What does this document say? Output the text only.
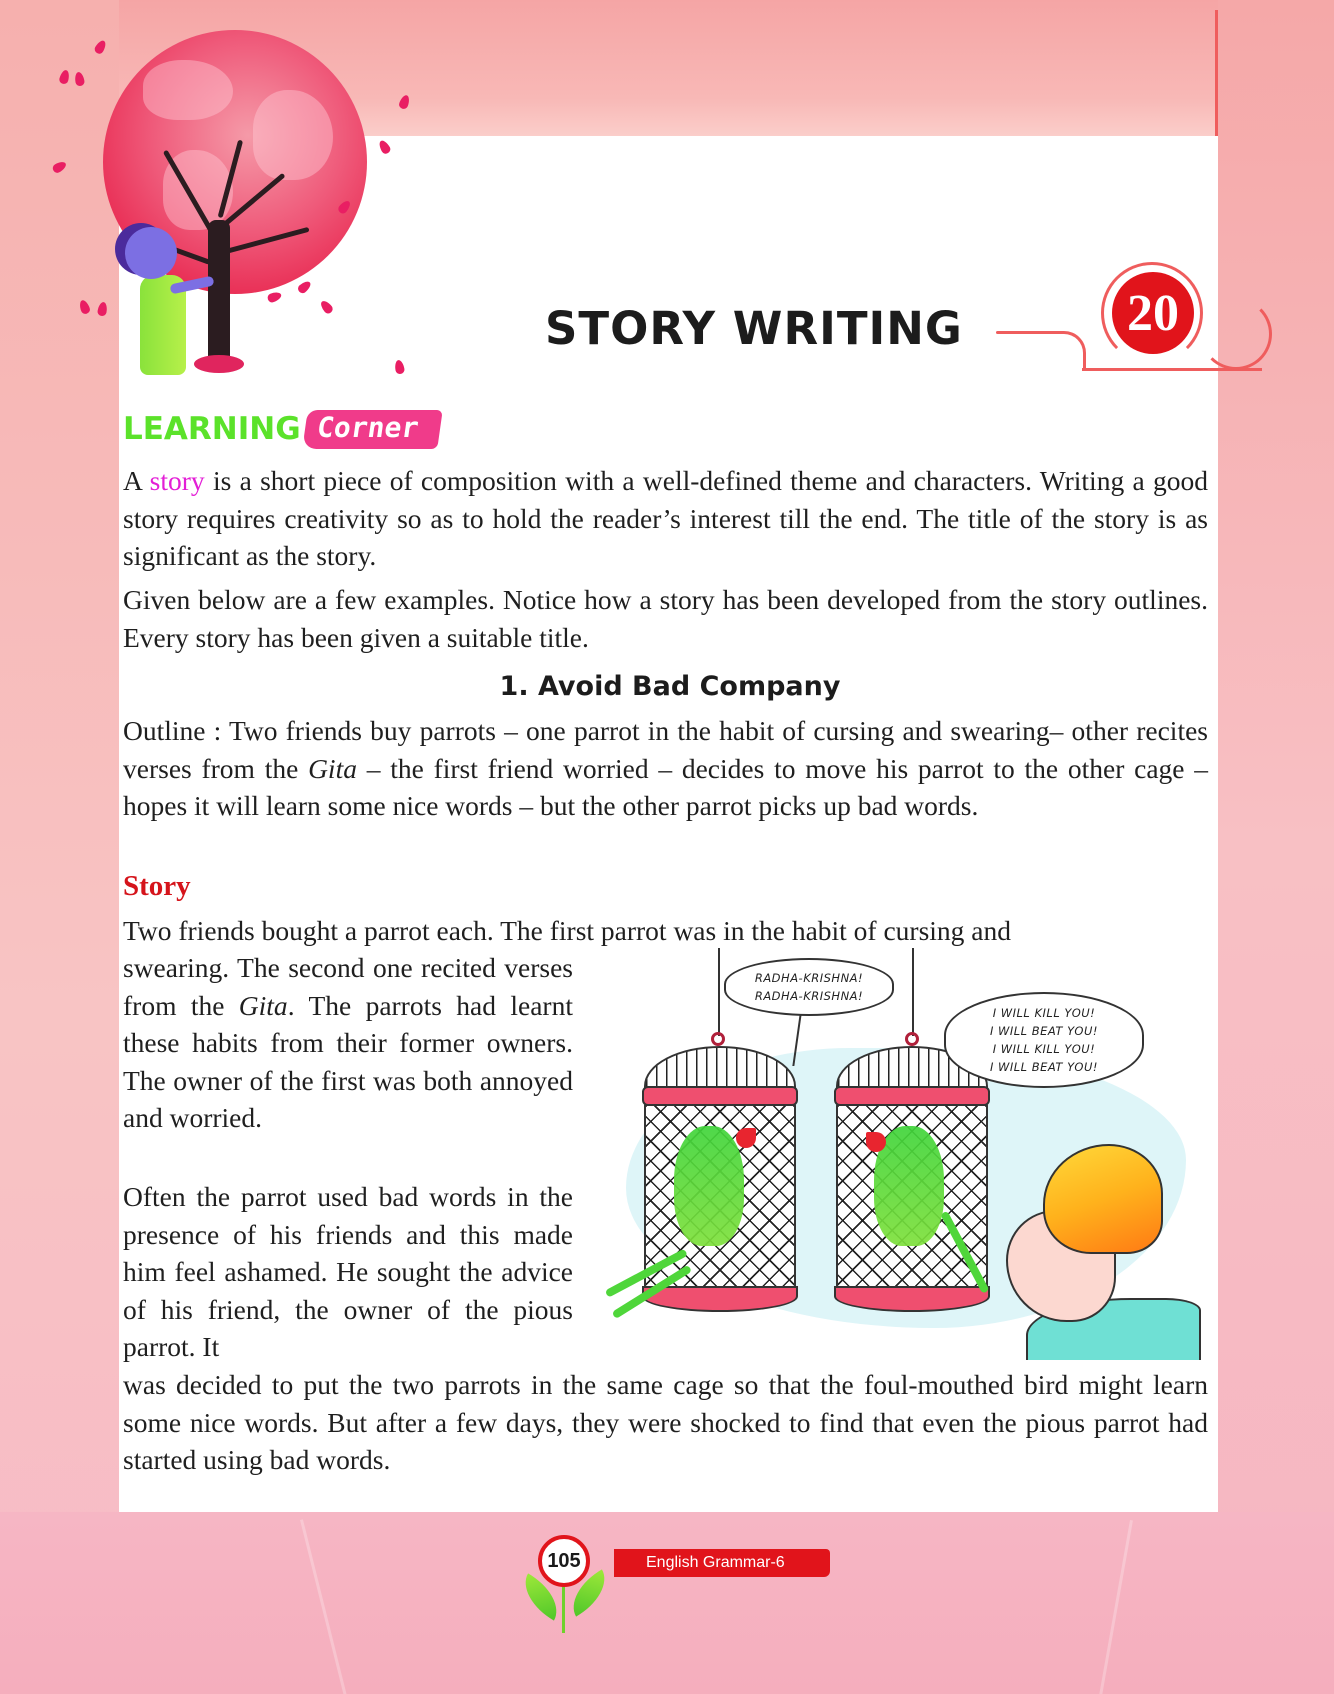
STORY WRITING	20
LEARNING Corner

A story is a short piece of composition with a well-defined theme and characters. Writing a good story requires creativity so as to hold the reader’s interest till the end. The title of the story is as significant as the story.

Given below are a few examples. Notice how a story has been developed from the story outlines. Every story has been given a suitable title.

1. Avoid Bad Company

Outline : Two friends buy parrots – one parrot in the habit of cursing and swearing– other recites verses from the Gita – the first friend worried – decides to move his parrot to the other cage – hopes it will learn some nice words – but the other parrot picks up bad words.

Story

Two friends bought a parrot each. The first parrot was in the habit of cursing and

swearing. The second one recited verses from the Gita. The parrots had learnt these habits from their former owners. The owner of the first was both annoyed and worried.

Often the parrot used bad words in the presence of his friends and this made him feel ashamed. He sought the advice of his friend, the owner of the pious parrot. It

was decided to put the two parrots in the same cage so that the foul-mouthed bird might learn some nice words. But after a few days, they were shocked to find that even the pious parrot had started using bad words.

RADHA-KRISHNA!
RADHA-KRISHNA!
I WILL KILL YOU!
I WILL BEAT YOU!
I WILL KILL YOU!
I WILL BEAT YOU!
English Grammar-6
105
